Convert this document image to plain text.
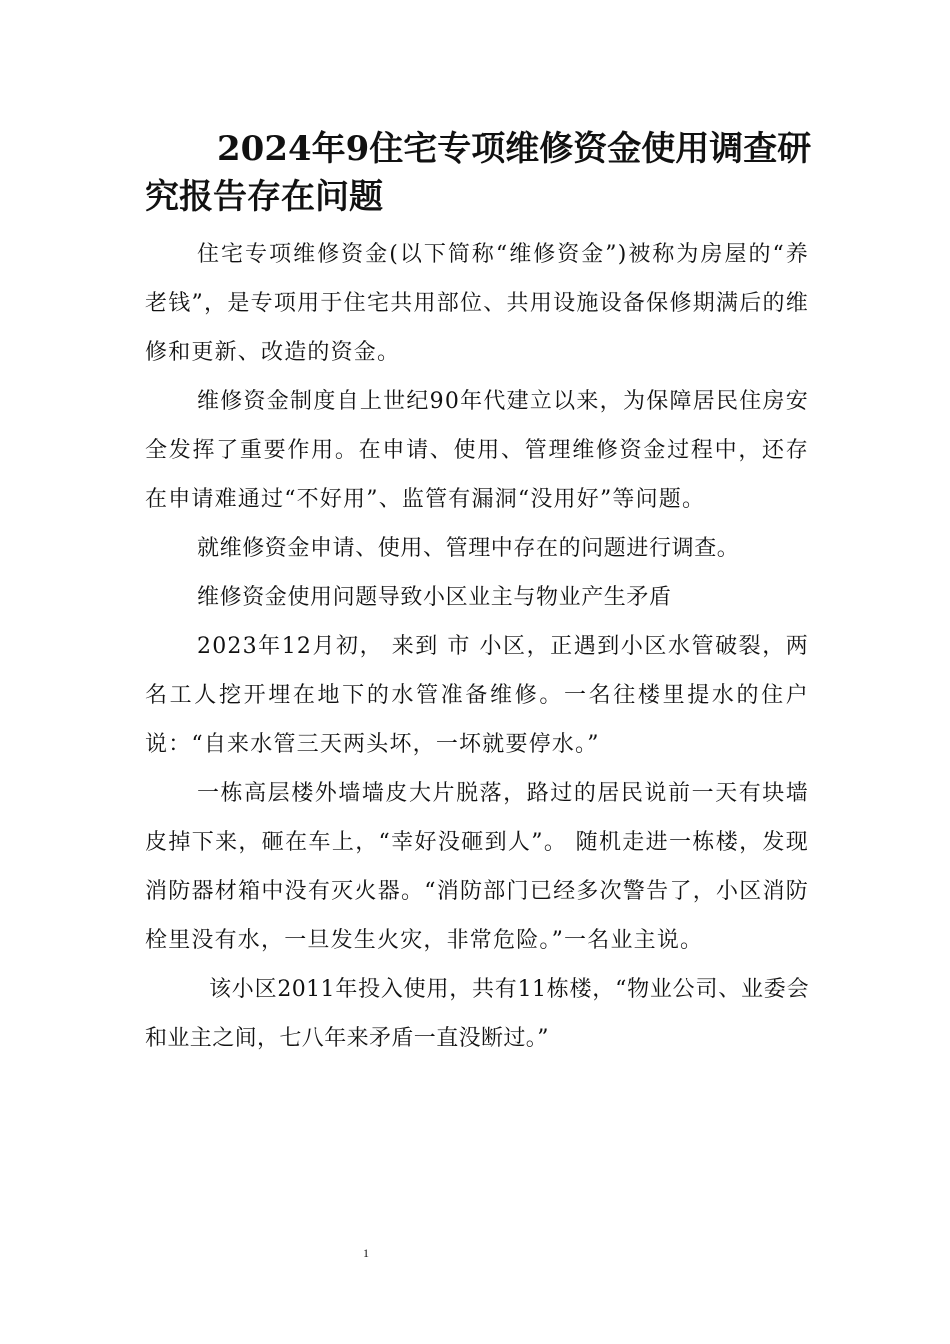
2024年9住宅专项维修资金使用调查研究报告存在问题

住宅专项维修资金(以下简称“维修资金”)被称为房屋的“养老钱”，是专项用于住宅共用部位、共用设施设备保修期满后的维修和更新、改造的资金。

维修资金制度自上世纪90年代建立以来，为保障居民住房安全发挥了重要作用。在申请、使用、管理维修资金过程中，还存在申请难通过“不好用”、监管有漏洞“没用好”等问题。

就维修资金申请、使用、管理中存在的问题进行调查。

维修资金使用问题导致小区业主与物业产生矛盾

2023年12月初， 来到 市 小区，正遇到小区水管破裂，两名工人挖开埋在地下的水管准备维修。一名往楼里提水的住户说：“自来水管三天两头坏，一坏就要停水。”

一栋高层楼外墙墙皮大片脱落，路过的居民说前一天有块墙皮掉下来，砸在车上，“幸好没砸到人”。 随机走进一栋楼，发现消防器材箱中没有灭火器。“消防部门已经多次警告了，小区消防栓里没有水，一旦发生火灾，非常危险。”一名业主说。

该小区2011年投入使用，共有11栋楼，“物业公司、业委会和业主之间，七八年来矛盾一直没断过。”

1
